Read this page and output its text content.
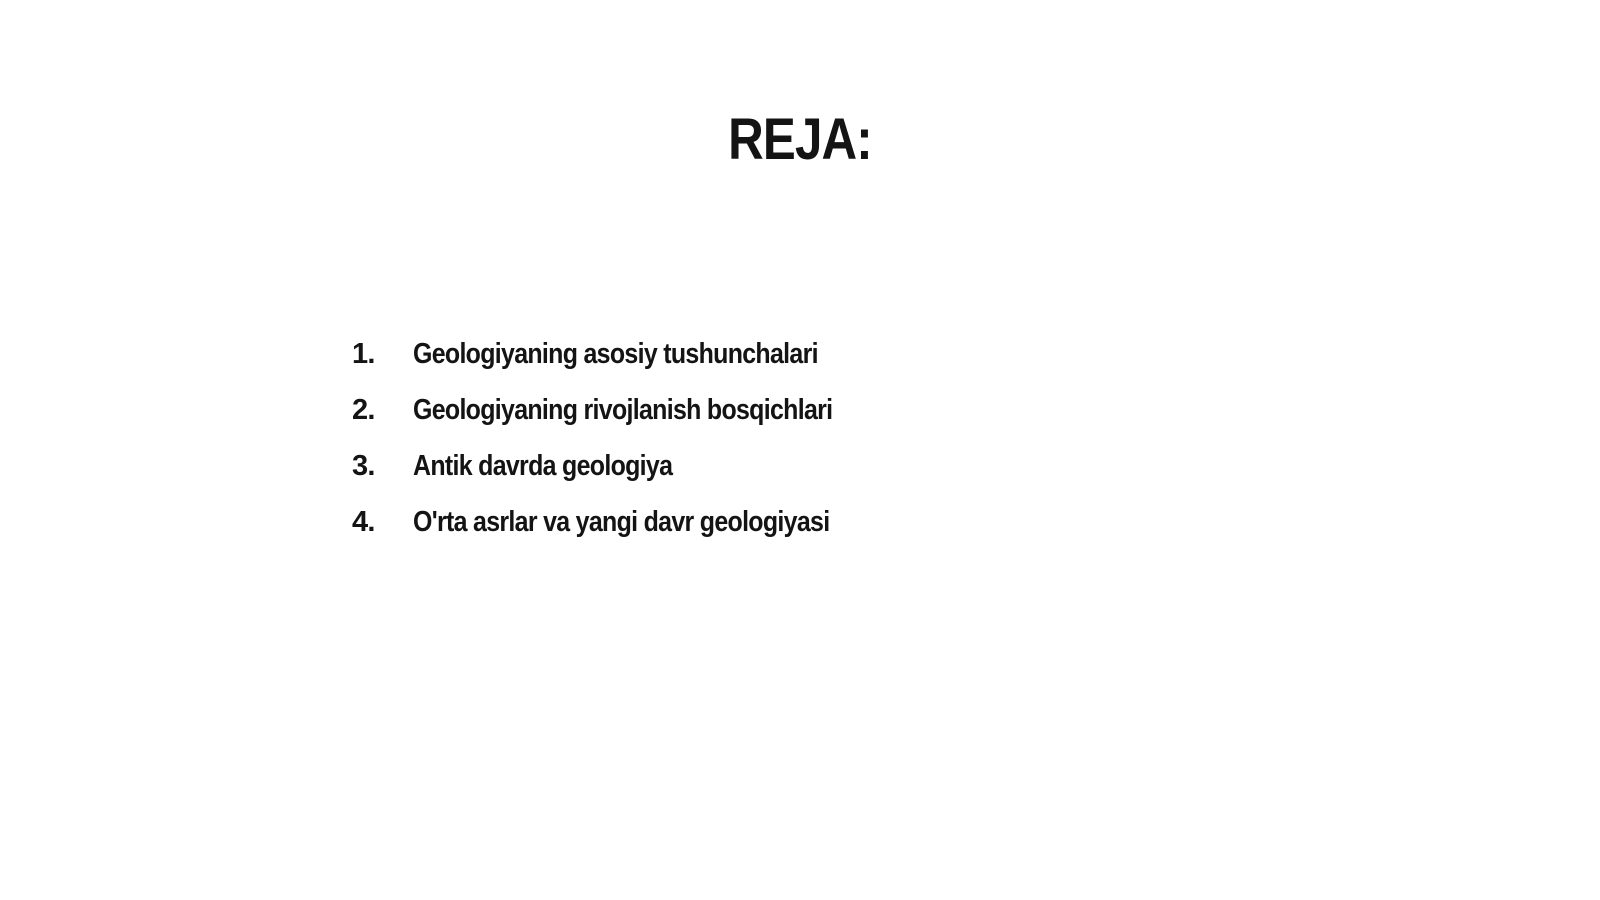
REJA:
1.	Geologiyaning asosiy tushunchalari
2.	Geologiyaning rivojlanish bosqichlari
3.	Antik davrda geologiya
4.	O'rta asrlar va yangi davr geologiyasi
